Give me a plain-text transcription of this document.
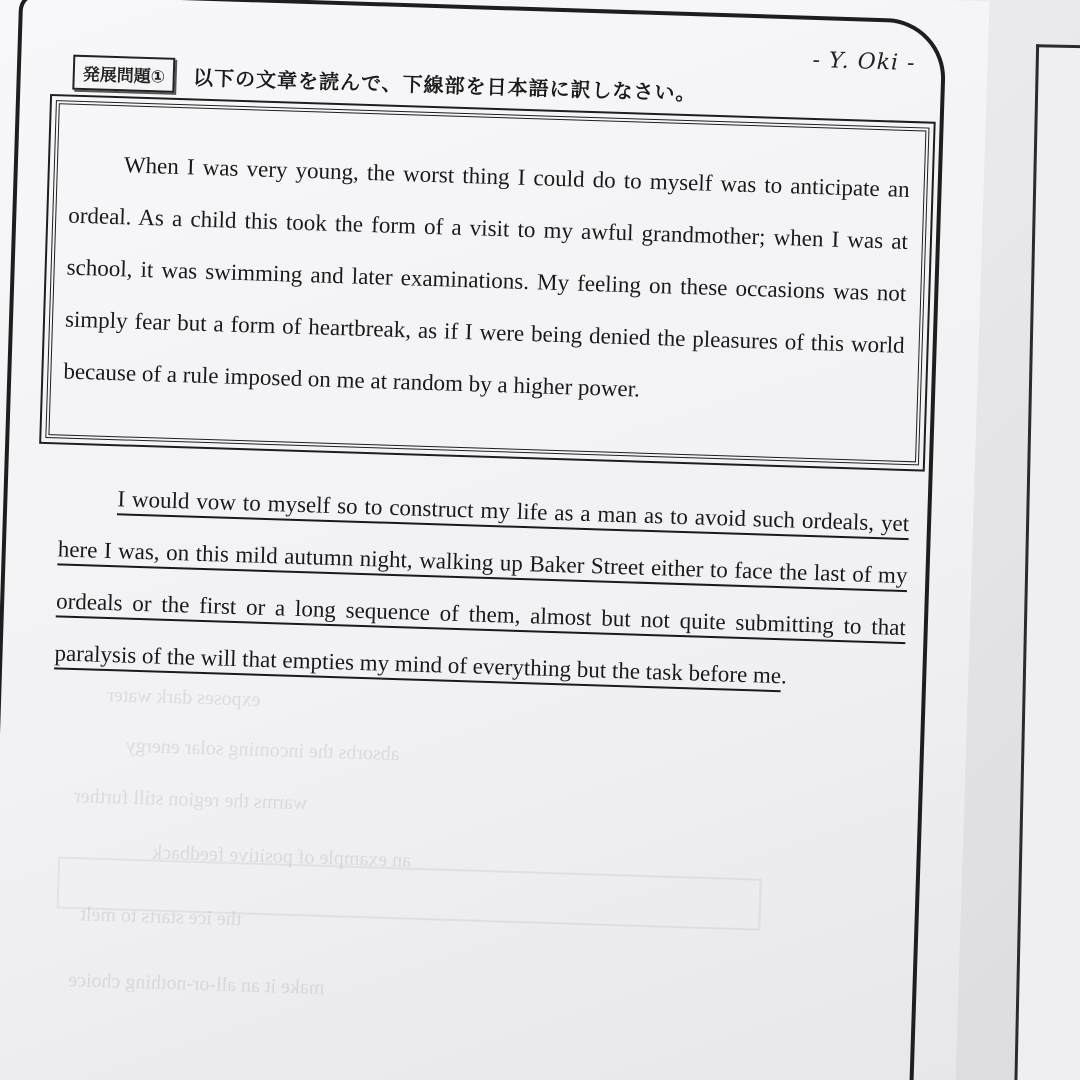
exposes dark water
absorbs the incoming solar energy
warms the region still further
an example of positive feedback
the ice starts to melt
make it an all-or-nothing choice
- Y. Oki -
発展問題①	以下の文章を読んで、下線部を日本語に訳しなさい。

When I was very young, the worst thing I could do to myself was to anticipate an ordeal. As a child this took the form of a visit to my awful grandmother; when I was at school, it was swimming and later examinations. My feeling on these occasions was not simply fear but a form of heartbreak, as if I were being denied the pleasures of this world because of a rule imposed on me at random by a higher power.

I would vow to myself so to construct my life as a man as to avoid such ordeals, yet here I was, on this mild autumn night, walking up Baker Street either to face the last of my ordeals or the first or a long sequence of them, almost but not quite submitting to that paralysis of the will that empties my mind of everything but the task before me.
